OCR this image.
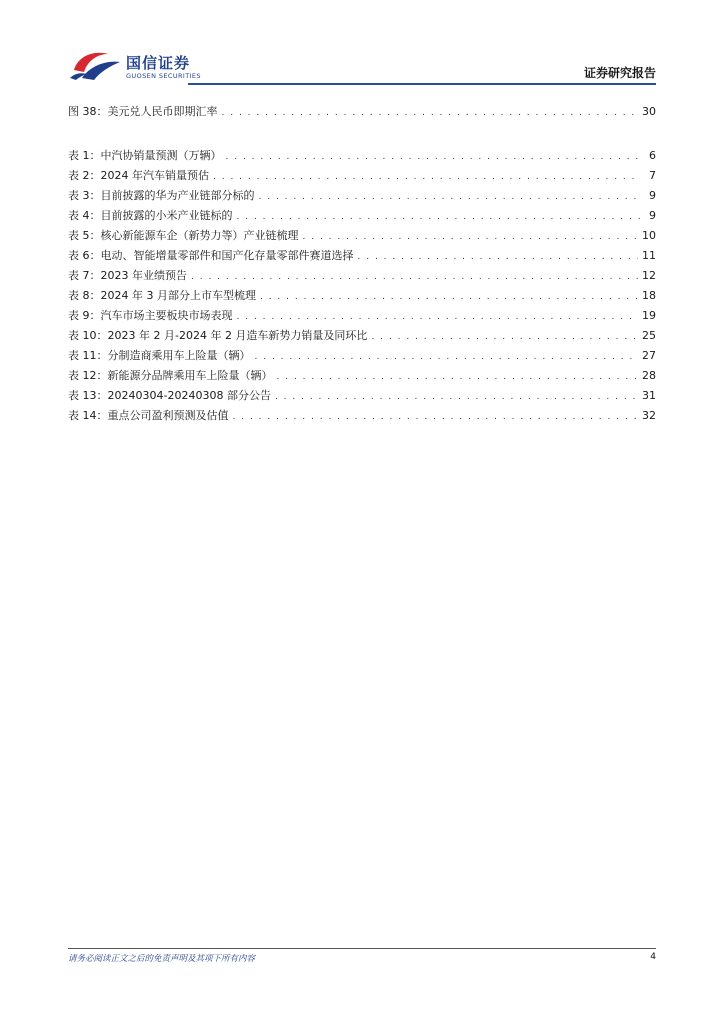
国信证券
GUOSEN SECURITIES	证券研究报告
图 38： 美元兑人民币即期汇率 . . .	30
表 1： 中汽协销量预测（万辆） . . .	6
表 2： 2024 年汽车销量预估 . . .	7
表 3： 目前披露的华为产业链部分标的 . . .	9
表 4： 目前披露的小米产业链标的 . . .	9
表 5： 核心新能源车企（新势力等）产业链梳理 . . .	10
表 6： 电动、智能增量零部件和国产化存量零部件赛道选择 . . .	11
表 7： 2023 年业绩预告 . . .	12
表 8： 2024 年 3 月部分上市车型梳理 . . .	18
表 9： 汽车市场主要板块市场表现 . . .	19
表 10： 2023 年 2 月-2024 年 2 月造车新势力销量及同环比 . . .	25
表 11： 分制造商乘用车上险量（辆） . . .	27
表 12： 新能源分品牌乘用车上险量（辆） . . .	28
表 13： 20240304-20240308 部分公告 . . .	31
表 14： 重点公司盈利预测及估值 . . .	32
请务必阅读正文之后的免责声明及其项下所有内容	4
